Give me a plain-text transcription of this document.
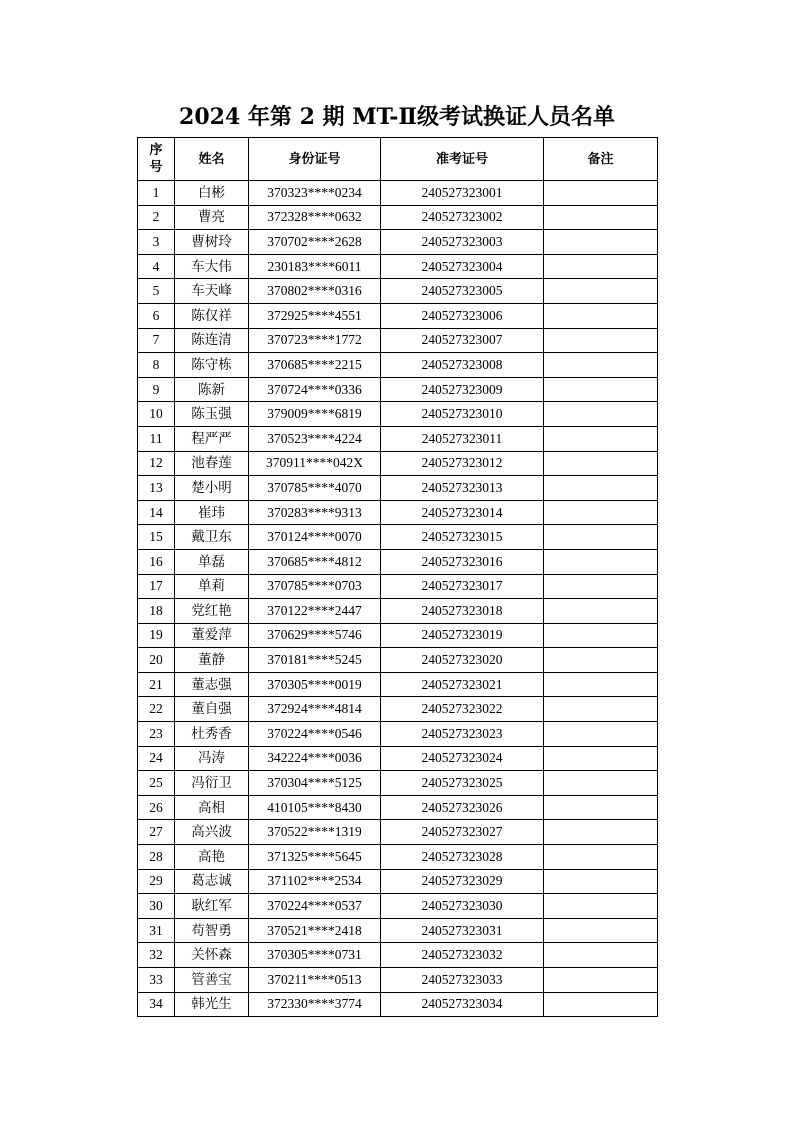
2024 年第 2 期 MT-Ⅱ级考试换证人员名单
序号	姓名	身份证号	准考证号	备注
1	白彬	370323****0234	240527323001	
2	曹亮	372328****0632	240527323002	
3	曹树玲	370702****2628	240527323003	
4	车大伟	230183****6011	240527323004	
5	车天峰	370802****0316	240527323005	
6	陈仅祥	372925****4551	240527323006	
7	陈连清	370723****1772	240527323007	
8	陈守栋	370685****2215	240527323008	
9	陈新	370724****0336	240527323009	
10	陈玉强	379009****6819	240527323010	
11	程严严	370523****4224	240527323011	
12	池春莲	370911****042X	240527323012	
13	楚小明	370785****4070	240527323013	
14	崔玮	370283****9313	240527323014	
15	戴卫东	370124****0070	240527323015	
16	单磊	370685****4812	240527323016	
17	单莉	370785****0703	240527323017	
18	党红艳	370122****2447	240527323018	
19	董爱萍	370629****5746	240527323019	
20	董静	370181****5245	240527323020	
21	董志强	370305****0019	240527323021	
22	董自强	372924****4814	240527323022	
23	杜秀香	370224****0546	240527323023	
24	冯涛	342224****0036	240527323024	
25	冯衍卫	370304****5125	240527323025	
26	高相	410105****8430	240527323026	
27	高兴波	370522****1319	240527323027	
28	高艳	371325****5645	240527323028	
29	葛志诚	371102****2534	240527323029	
30	耿红军	370224****0537	240527323030	
31	苟智勇	370521****2418	240527323031	
32	关怀森	370305****0731	240527323032	
33	管善宝	370211****0513	240527323033	
34	韩光生	372330****3774	240527323034	
